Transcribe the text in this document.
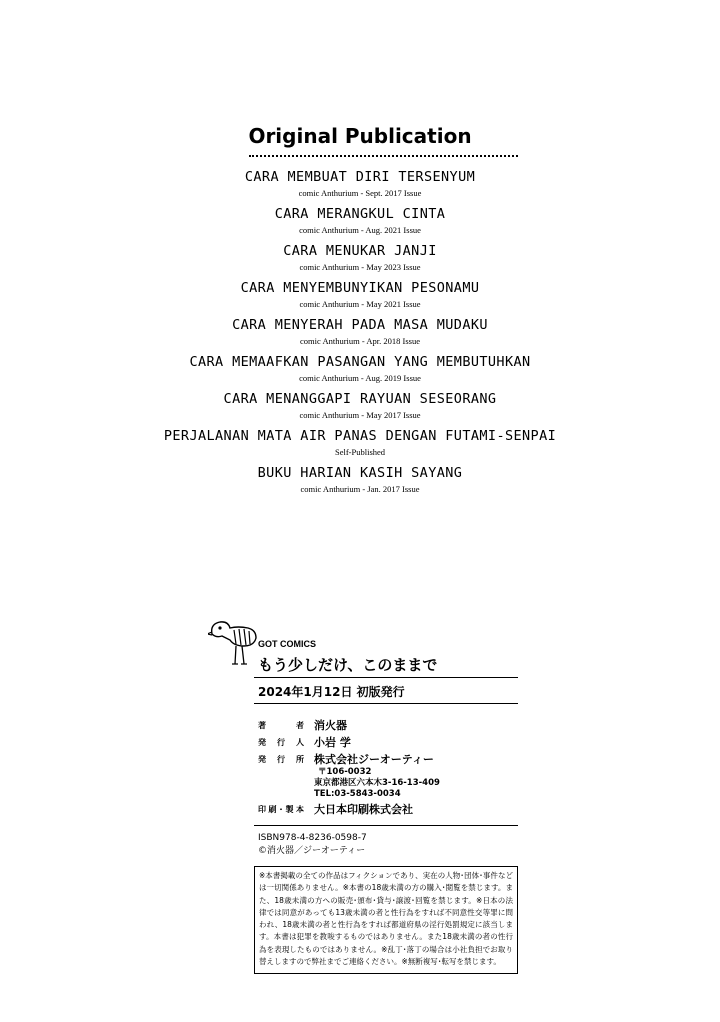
Original Publication
CARA MEMBUAT DIRI TERSENYUM
comic Anthurium - Sept. 2017 Issue
CARA MERANGKUL CINTA
comic Anthurium - Aug. 2021 Issue
CARA MENUKAR JANJI
comic Anthurium - May 2023 Issue
CARA MENYEMBUNYIKAN PESONAMU
comic Anthurium - May 2021 Issue
CARA MENYERAH PADA MASA MUDAKU
comic Anthurium - Apr. 2018 Issue
CARA MEMAAFKAN PASANGAN YANG MEMBUTUHKAN
comic Anthurium - Aug. 2019 Issue
CARA MENANGGAPI RAYUAN SESEORANG
comic Anthurium - May 2017 Issue
PERJALANAN MATA AIR PANAS DENGAN FUTAMI-SENPAI
Self-Published
BUKU HARIAN KASIH SAYANG
comic Anthurium - Jan. 2017 Issue
GOT COMICS
もう少しだけ、このままで
2024年1月12日 初版発行
著者 消火器
発行人 小岩 学
発行所 株式会社ジーオーティー
〒106-0032
東京都港区六本木3-16-13-409
TEL:03-5843-0034
印刷･製本 大日本印刷株式会社
ISBN978-4-8236-0598-7
©消火器／ジーオーティー
※本書掲載の全ての作品はフィクションであり、実在の人物･団体･事件などは一切関係ありません。※本書の18歳未満の方の購入･閲覧を禁じます。また、18歳未満の方への販売･頒布･貸与･譲渡･回覧を禁じます。※日本の法律では同意があっても13歳未満の者と性行為をすれば不同意性交等罪に問われ、18歳未満の者と性行為をすれば都道府県の淫行処罰規定に該当します。本書は犯罪を教唆するものではありません。また18歳未満の者の性行為を表現したものではありません。※乱丁･落丁の場合は小社負担でお取り替えしますので弊社までご連絡ください。※無断複写･転写を禁じます。
